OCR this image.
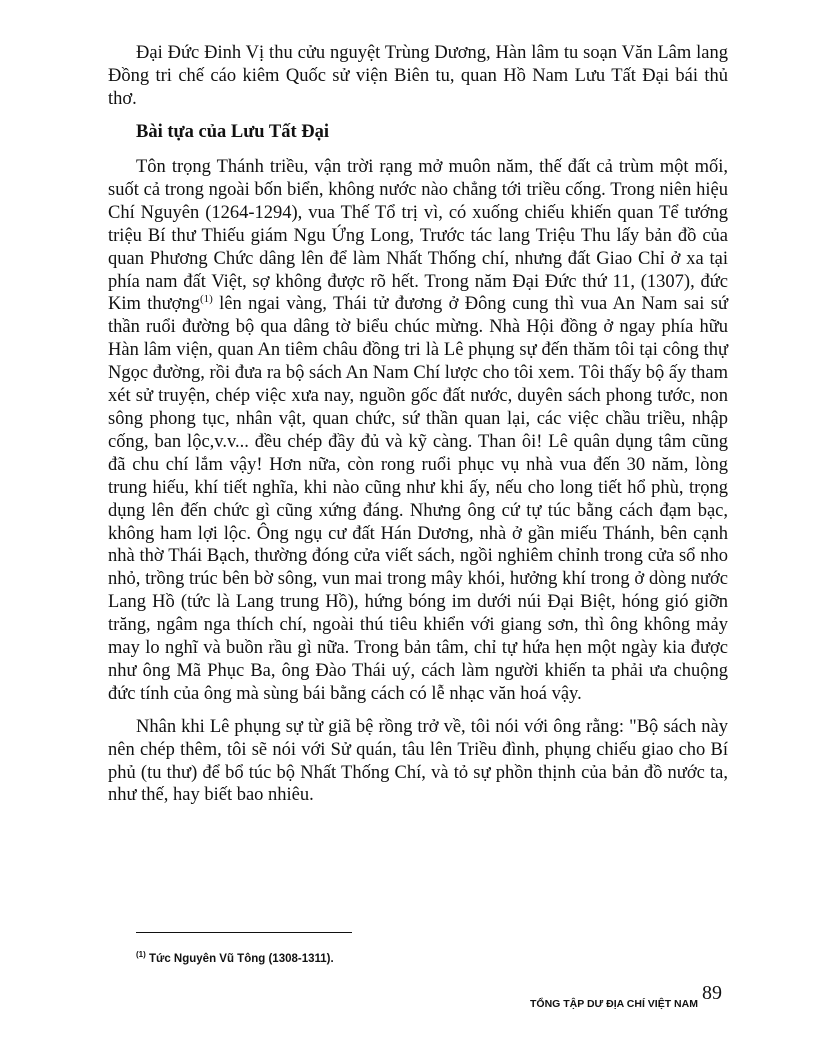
Đại Đức Đinh Vị thu cửu nguyệt Trùng Dương, Hàn lâm tu soạn Văn Lâm lang Đồng tri chế cáo kiêm Quốc sử viện Biên tu, quan Hồ Nam Lưu Tất Đại bái thủ thơ.

Bài tựa của Lưu Tất Đại

Tôn trọng Thánh triều, vận trời rạng mở muôn năm, thế đất cả trùm một mối, suốt cả trong ngoài bốn biển, không nước nào chẳng tới triều cống. Trong niên hiệu Chí Nguyên (1264-1294), vua Thế Tổ trị vì, có xuống chiếu khiến quan Tể tướng triệu Bí thư Thiếu giám Ngu Ứng Long, Trước tác lang Triệu Thu lấy bản đồ của quan Phương Chức dâng lên để làm Nhất Thống chí, nhưng đất Giao Chỉ ở xa tại phía nam đất Việt, sợ không được rõ hết. Trong năm Đại Đức thứ 11, (1307), đức Kim thượng$^{(1)}$ lên ngai vàng, Thái tử đương ở Đông cung thì vua An Nam sai sứ thần ruổi đường bộ qua dâng tờ biểu chúc mừng. Nhà Hội đồng ở ngay phía hữu Hàn lâm viện, quan An tiêm châu đồng tri là Lê phụng sự đến thăm tôi tại công thự Ngọc đường, rồi đưa ra bộ sách An Nam Chí lược cho tôi xem. Tôi thấy bộ ấy tham xét sử truyện, chép việc xưa nay, nguồn gốc đất nước, duyên sách phong tước, non sông phong tục, nhân vật, quan chức, sứ thần quan lại, các việc chầu triều, nhập cống, ban lộc,v.v... đều chép đầy đủ và kỹ càng. Than ôi! Lê quân dụng tâm cũng đã chu chí lắm vậy! Hơn nữa, còn rong ruổi phục vụ nhà vua đến 30 năm, lòng trung hiếu, khí tiết nghĩa, khi nào cũng như khi ấy, nếu cho long tiết hổ phù, trọng dụng lên đến chức gì cũng xứng đáng. Nhưng ông cứ tự túc bằng cách đạm bạc, không ham lợi lộc. Ông ngụ cư đất Hán Dương, nhà ở gần miếu Thánh, bên cạnh nhà thờ Thái Bạch, thường đóng cửa viết sách, ngồi nghiêm chỉnh trong cửa sổ nho nhỏ, trồng trúc bên bờ sông, vun mai trong mây khói, hưởng khí trong ở dòng nước Lang Hồ (tức là Lang trung Hồ), hứng bóng im dưới núi Đại Biệt, hóng gió giỡn trăng, ngâm nga thích chí, ngoài thú tiêu khiển với giang sơn, thì ông không mảy may lo nghĩ và buồn rầu gì nữa. Trong bản tâm, chỉ tự hứa hẹn một ngày kia được như ông Mã Phục Ba, ông Đào Thái uý, cách làm người khiến ta phải ưa chuộng đức tính của ông mà sùng bái bằng cách có lễ nhạc văn hoá vậy.

Nhân khi Lê phụng sự từ giã bệ rồng trở về, tôi nói với ông rằng: "Bộ sách này nên chép thêm, tôi sẽ nói với Sử quán, tâu lên Triều đình, phụng chiếu giao cho Bí phủ (tu thư) để bổ túc bộ Nhất Thống Chí, và tỏ sự phồn thịnh của bản đồ nước ta, như thế, hay biết bao nhiêu.

$^{(1)}$ Tức Nguyên Vũ Tông (1308-1311).
TỔNG TẬP DƯ ĐỊA CHÍ VIỆT NAM 89
